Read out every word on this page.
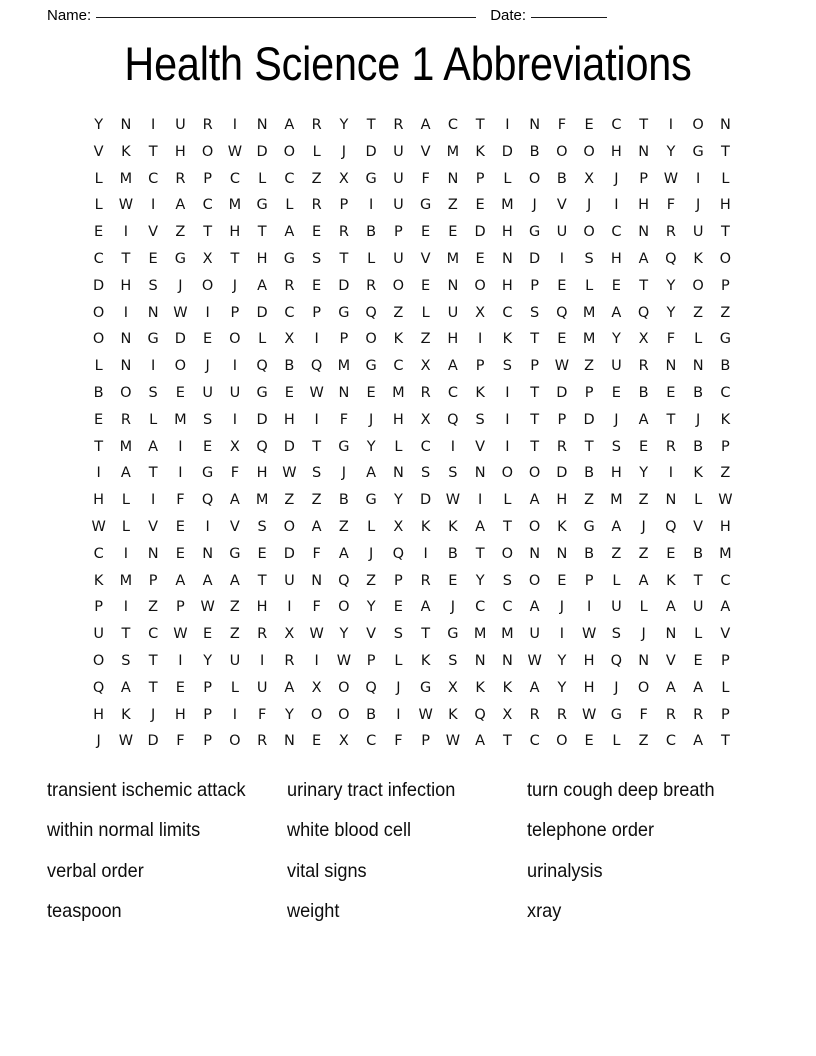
Name:	Date:
Health Science 1 Abbreviations
Y	N	I	U	R	I	N	A	R	Y	T	R	A	C	T	I	N	F	E	C	T	I	O	N
V	K	T	H	O W D	O	L	J	D	U	V	M	K	D	B	O	O	H	N	Y	G	T
L	M	C	R	P	C	L	C	Z	X	G	U	F	N	P	L	O	B	X	J	P	W	I	L
L	W	I	A	C	M	G	L	R	P	I	U	G	Z	E	M	J	V	J	I	H	F	J	H
E	I	V	Z	T	H	T	A	E	R	B	P	E	E	D	H	G	U	O	C	N	R	U	T
C	T	E	G	X	T	H	G	S	T	L	U	V	M	E	N	D	I	S	H	A	Q	K	O
D	H	S	J	O	J	A	R	E	D	R	O	E	N	O	H	P	E	L	E	T	Y	O	P
O	I	N	W	I	P	D	C	P	G	Q	Z	L	U	X	C	S	Q	M	A	Q	Y	Z	Z
O	N	G	D	E	O	L	X	I	P	O	K	Z	H	I	K	T	E	M	Y	X	F	L	G
L	N	I	O	J	I	Q	B	Q	M	G	C	X	A	P	S	P	W	Z	U	R	N	N	B
B	O	S	E	U	U	G	E	W	N	E	M	R	C	K	I	T	D	P	E	B	E	B	C
E	R	L	M	S	I	D	H	I	F	J	H	X	Q	S	I	T	P	D	J	A	T	J	K
T	M	A	I	E	X	Q	D	T	G	Y	L	C	I	V	I	T	R	T	S	E	R	B	P
I	A	T	I	G	F	H	W	S	J	A	N	S	S	N	O	O	D	B	H	Y	I	K	Z
H	L	I	F	Q	A	M	Z	Z	B	G	Y	D	W	I	L	A	H	Z	M	Z	N	L	W
W	L	V	E	I	V	S	O	A	Z	L	X	K	K	A	T	O	K	G	A	J	Q	V	H
C	I	N	E	N	G	E	D	F	A	J	Q	I	B	T	O	N	N	B	Z	Z	E	B	M
K	M	P	A	A	A	T	U	N	Q	Z	P	R	E	Y	S	O	E	P	L	A	K	T	C
P	I	Z	P	W	Z	H	I	F	O	Y	E	A	J	C	C	A	J	I	U	L	A	U	A
U	T	C	W	E	Z	R	X	W	Y	V	S	T	G	M	M	U	I	W	S	J	N	L	V
O	S	T	I	Y	U	I	R	I	W	P	L	K	S	N	N	W	Y	H	Q	N	V	E	P
Q	A	T	E	P	L	U	A	X	O	Q	J	G	X	K	K	A	Y	H	J	O	A	A	L
H	K	J	H	P	I	F	Y	O	O	B	I	W	K	Q	X	R	R	W G	F	R	R	P
J	W D	F	P	O	R	N	E	X	C	F	P	W	A	T	C	O	E	L	Z	C	A	T
transient ischemic attack	urinary tract infection	turn cough deep breath
within normal limits	white blood cell	telephone order
verbal order	vital signs	urinalysis
teaspoon	weight	xray
